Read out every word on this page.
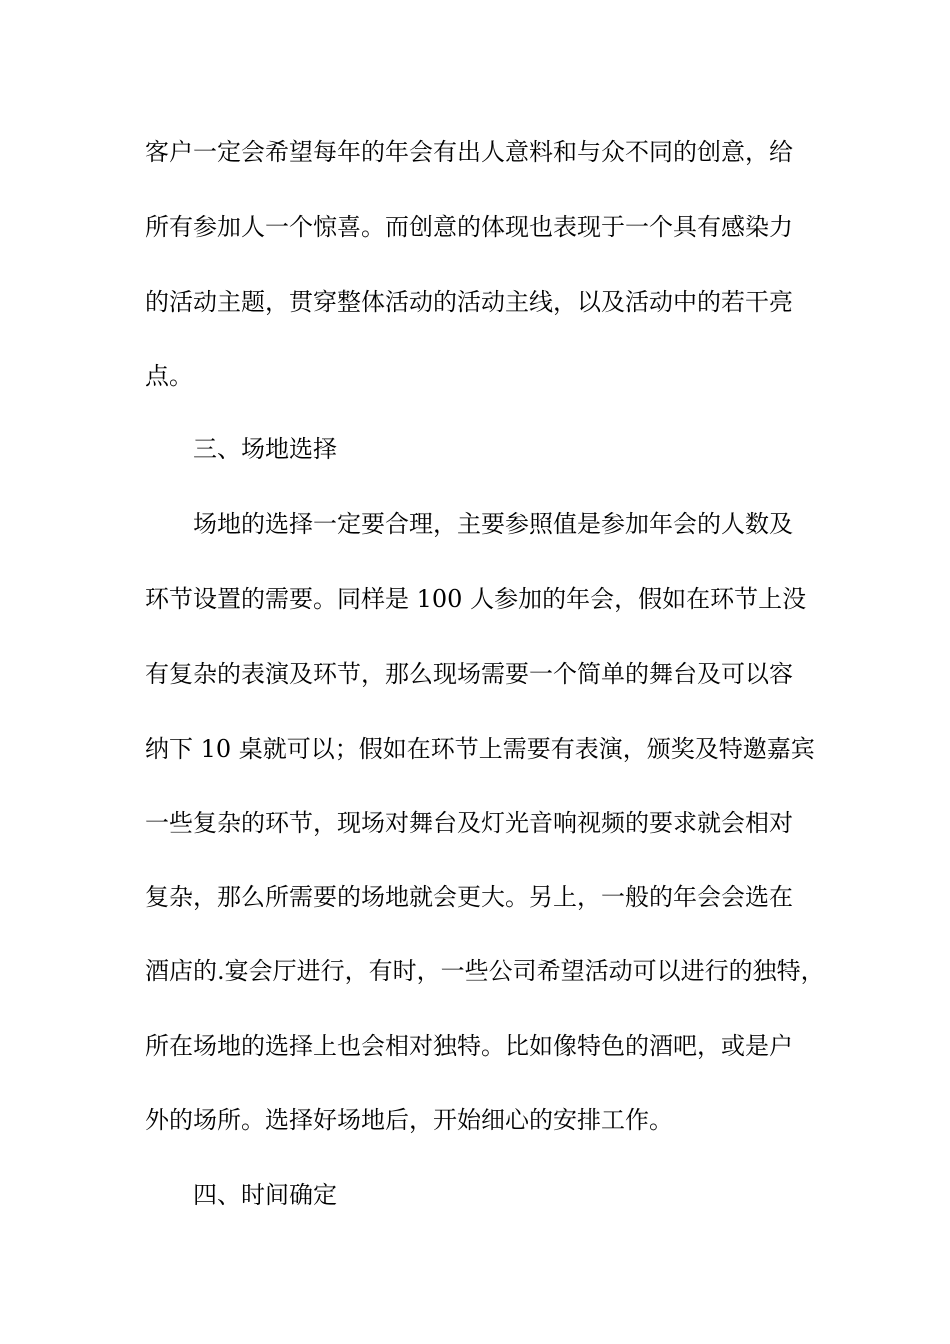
客户一定会希望每年的年会有出人意料和与众不同的创意，给
所有参加人一个惊喜。而创意的体现也表现于一个具有感染力
的活动主题，贯穿整体活动的活动主线，以及活动中的若干亮
点。
三、场地选择
场地的选择一定要合理，主要参照值是参加年会的人数及
环节设置的需要。同样是 100 人参加的年会，假如在环节上没
有复杂的表演及环节，那么现场需要一个简单的舞台及可以容
纳下 10 桌就可以；假如在环节上需要有表演，颁奖及特邀嘉宾
一些复杂的环节，现场对舞台及灯光音响视频的要求就会相对
复杂，那么所需要的场地就会更大。另上，一般的年会会选在
酒店的.宴会厅进行，有时，一些公司希望活动可以进行的独特，
所在场地的选择上也会相对独特。比如像特色的酒吧，或是户
外的场所。选择好场地后，开始细心的安排工作。
四、时间确定
